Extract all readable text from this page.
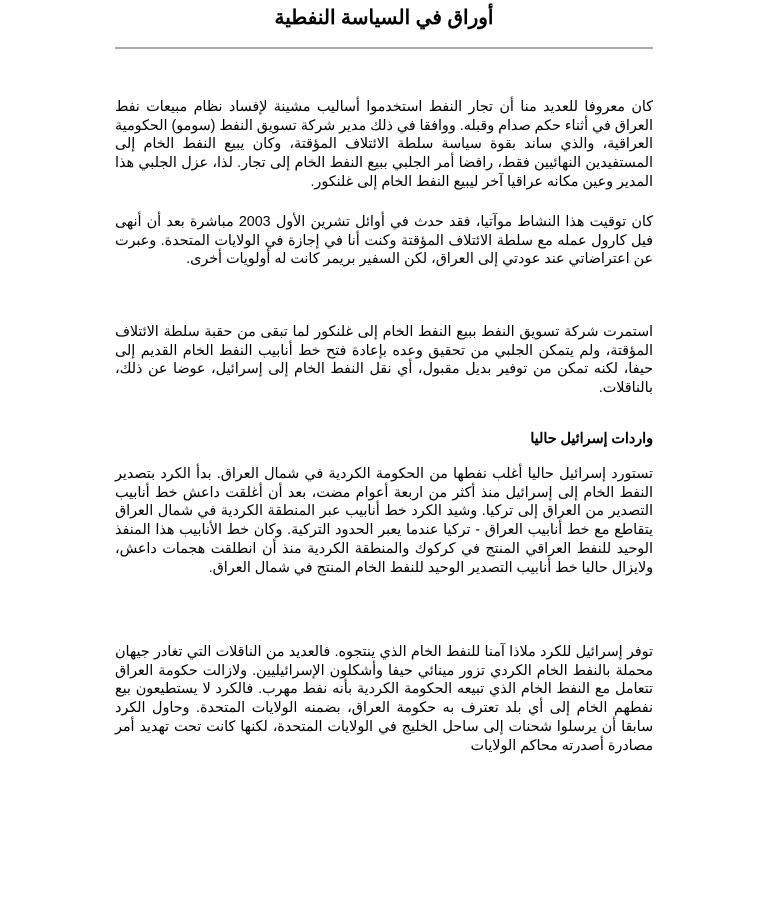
أوراق في السياسة النفطية

كان معروفا للعديد منا أن تجار النفط استخدموا أساليب مشينة لإفساد نظام مبيعات نفط العراق في أثناء حكم صدام وقبله. ووافقا في ذلك مدير شركة تسويق النفط (سومو) الحكومية العراقية، والذي ساند بقوة سياسة سلطة الائتلاف المؤقتة، وكان يبيع النفط الخام إلى المستفيدين النهائيين فقط، رافضا أمر الجلبي ببيع النفط الخام إلى تجار. لذا، عزل الجلبي هذا المدير وعين مكانه عراقيا آخر ليبيع النفط الخام إلى غلنكور.

كان توقيت هذا النشاط موآتيا، فقد حدث في أوائل تشرين الأول 2003 مباشرة بعد أن أنهى فيل كارول عمله مع سلطة الائتلاف المؤقتة وكنت أنا في إجازة في الولايات المتحدة. وعبرت عن اعتراضاتي عند عودتي إلى العراق، لكن السفير بريمر كانت له أولويات أخرى.

استمرت شركة تسويق النفط ببيع النفط الخام إلى غلنكور لما تبقى من حقبة سلطة الائتلاف المؤقتة، ولم يتمكن الجلبي من تحقيق وعده بإعادة فتح خط أنابيب النفط الخام القديم إلى حيفا، لكنه تمكن من توفير بديل مقبول، أي نقل النفط الخام إلى إسرائيل، عوضا عن ذلك، بالناقلات.

واردات إسرائيل حاليا

تستورد إسرائيل حاليا أغلب نفطها من الحكومة الكردية في شمال العراق. بدأ الكرد بتصدير النفط الخام إلى إسرائيل منذ أكثر من اربعة أعوام مضت، بعد أن أغلقت داعش خط أنابيب التصدير من العراق إلى تركيا. وشيد الكرد خط أنابيب عبر المنطقة الكردية في شمال العراق يتقاطع مع خط أنابيب العراق - تركيا عندما يعبر الحدود التركية. وكان خط الأنابيب هذا المنفذ الوحيد للنفط العراقي المنتج في كركوك والمنطقة الكردية منذ أن انطلقت هجمات داعش، ولايزال حاليا خط أنابيب التصدير الوحيد للنفط الخام المنتج في شمال العراق.

توفر إسرائيل للكرد ملاذا آمنا للنفط الخام الذي ينتجوه. فالعديد من الناقلات التي تغادر جيهان محملة بالنفط الخام الكردي تزور مينائي حيفا وأشكلون الإسرائيليين. ولازالت حكومة العراق تتعامل مع النفط الخام الذي تبيعه الحكومة الكردية بأنه نفط مهرب. فالكرد لا يستطيعون بيع نفطهم الخام إلى أي بلد تعترف به حكومة العراق، بضمنه الولايات المتحدة. وحاول الكرد سابقا أن يرسلوا شحنات إلى ساحل الخليج في الولايات المتحدة، لكنها كانت تحت تهديد أمر مصادرة أصدرته محاكم الولايات
